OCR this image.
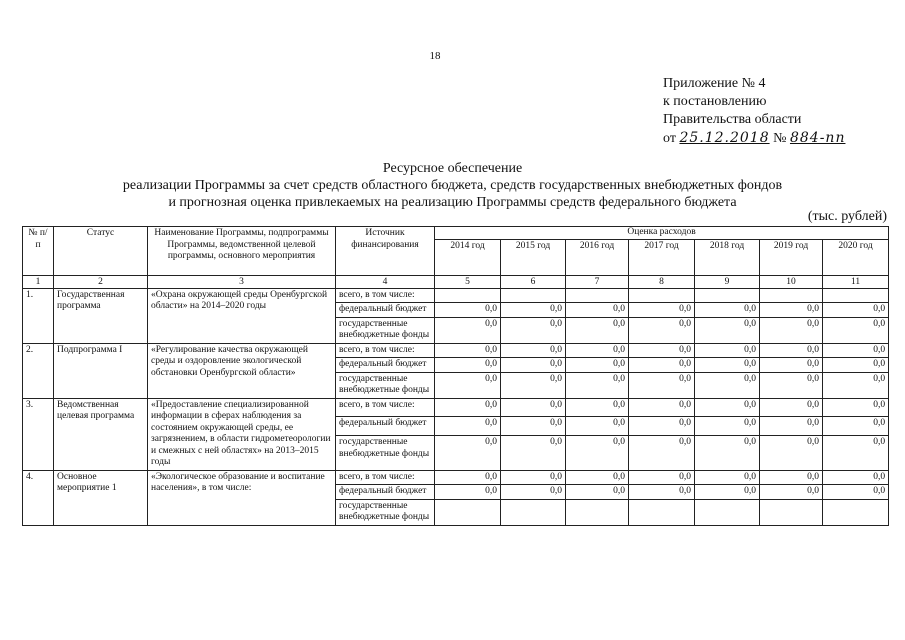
18
Приложение № 4
к постановлению
Правительства области
от 25.12.2018 № 884-пп
Ресурсное обеспечение
реализации Программы за счет средств областного бюджета, средств государственных внебюджетных фондов
и прогнозная оценка привлекаемых на реализацию Программы средств федерального бюджета
(тыс. рублей)
№ п/п	Статус	Наименование Программы, подпрограммы Программы, ведомственной целевой программы, основного мероприятия	Источник финансирования	Оценка расходов						
				2014 год	2015 год	2016 год	2017 год	2018 год	2019 год	2020 год
1	2	3	4	5	6	7	8	9	10	11
1.	Государственная программа	«Охрана окружающей среды Оренбургской области» на 2014–2020 годы	всего, в том числе:							
			федеральный бюджет	0,0	0,0	0,0	0,0	0,0	0,0	0,0
			государственные внебюджетные фонды	0,0	0,0	0,0	0,0	0,0	0,0	0,0
2.	Подпрограмма I	«Регулирование качества окружающей среды и оздоровление экологической обстановки Оренбургской области»	всего, в том числе:	0,0	0,0	0,0	0,0	0,0	0,0	0,0
			федеральный бюджет	0,0	0,0	0,0	0,0	0,0	0,0	0,0
			государственные внебюджетные фонды	0,0	0,0	0,0	0,0	0,0	0,0	0,0
3.	Ведомственная целевая программа	«Предоставление специализированной информации в сферах наблюдения за состоянием окружающей среды, ее загрязнением, в области гидрометеорологии и смежных с ней областях» на 2013–2015 годы	всего, в том числе:	0,0	0,0	0,0	0,0	0,0	0,0	0,0
			федеральный бюджет	0,0	0,0	0,0	0,0	0,0	0,0	0,0
			государственные внебюджетные фонды	0,0	0,0	0,0	0,0	0,0	0,0	0,0
4.	Основное мероприятие 1	«Экологическое образование и воспитание населения», в том числе:	всего, в том числе:	0,0	0,0	0,0	0,0	0,0	0,0	0,0
			федеральный бюджет	0,0	0,0	0,0	0,0	0,0	0,0	0,0
			государственные внебюджетные фонды							
